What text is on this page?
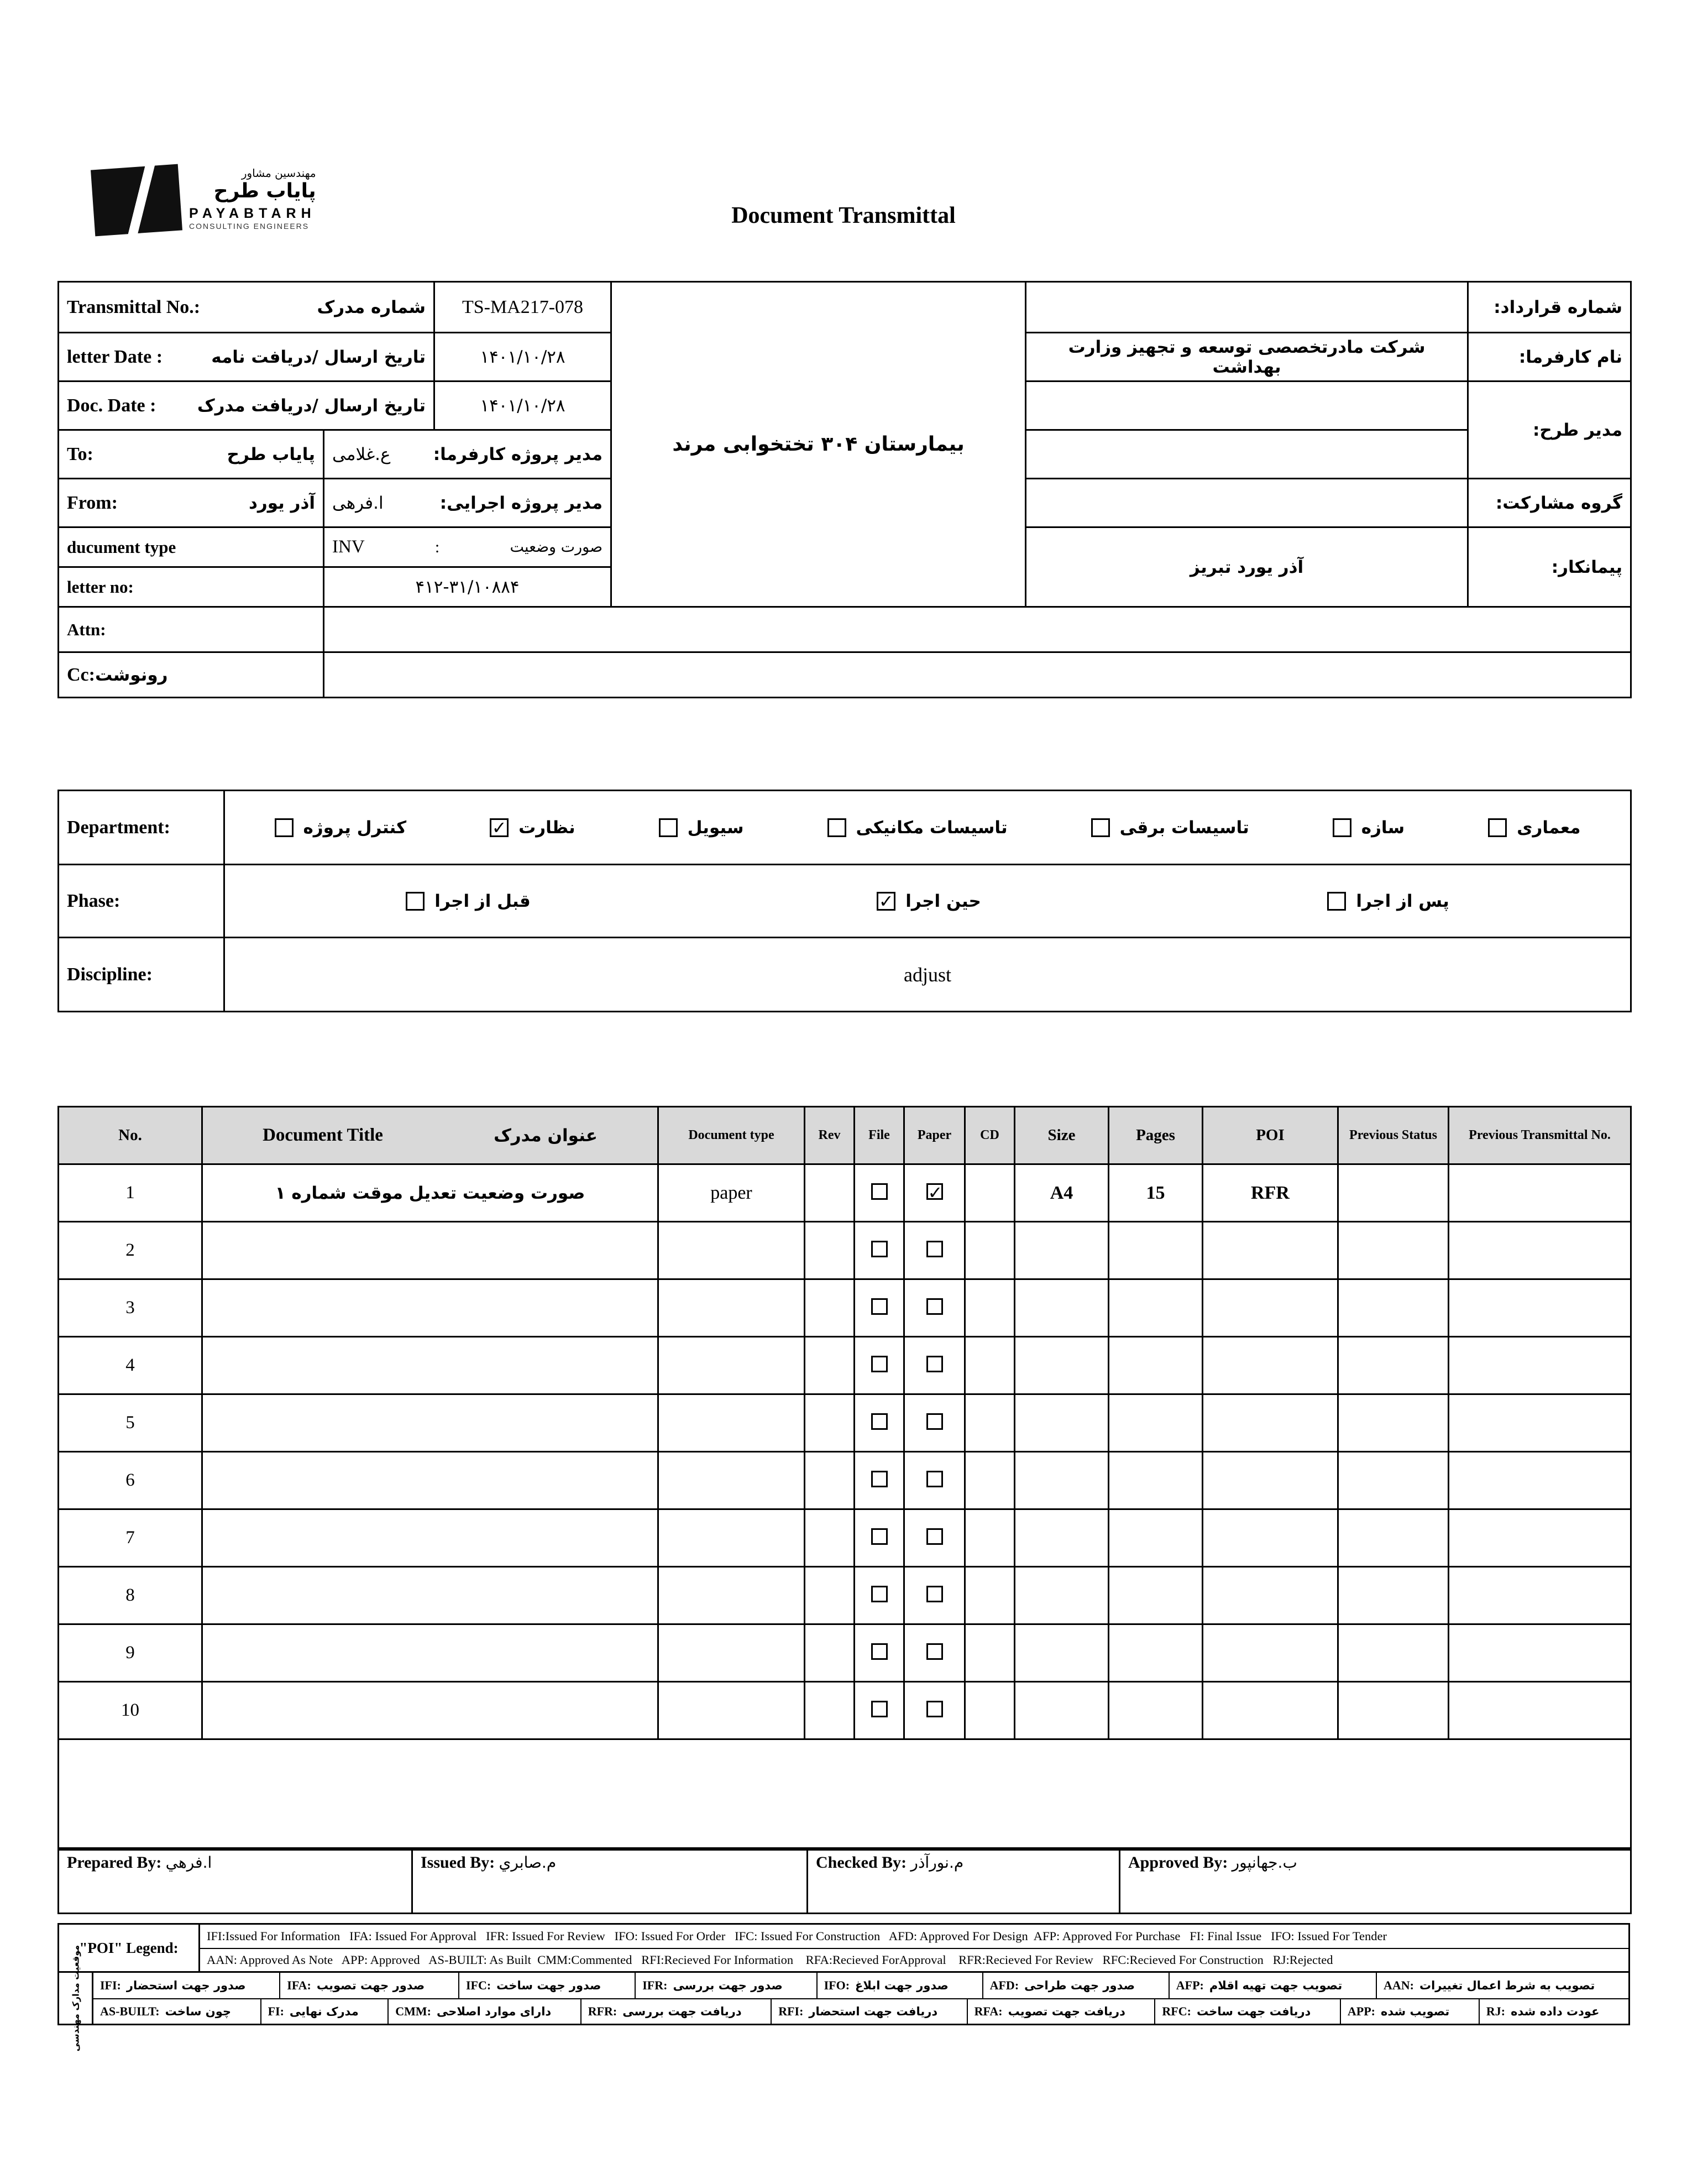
مهندسین مشاور
پایاب طرح
PAYABTARH
CONSULTING ENGINEERS	Document Transmittal
Transmittal No.: شماره مدرک		TS-MA217-078	بیمارستان ۳۰۴ تختخوابی مرند		شماره قرارداد:

letter Date : تاریخ ارسال /دریافت نامه		۱۴۰۱/۱۰/۲۸		شرکت مادرتخصصی توسعه و تجهیز وزارت بهداشت	نام کارفرما:

Doc. Date : تاریخ ارسال /دریافت مدرک		۱۴۰۱/۱۰/۲۸			مدیر طرح:

To: پایاب طرح	ع.غلامی مدیر پروژه کارفرما:				

From: آذر یورد	ا.فرهی مدیر پروژه اجرایی:				گروه مشارکت:
ducument type	INV : صورت وضعیت			آذر یورد تبریز	پیمانکار:
letter no:	۴۱۲-۳۱/۱۰۸۸۴				
Attn:					
Cc:رونوشت					
Department:	کنترل پروژه ✓	نظارت	سیویل	تاسیسات مکانیکی	تاسیسات برقی	سازه	معماری

Phase:	قبل از اجرا ✓ حین اجرا پس از اجرا

Discipline:	adjust
No.	Document Title عنوان مدرک	Document type	Rev	File	Paper	CD	Size	Pages	POI	Previous Status	Previous Transmittal No.
1	صورت وضعیت تعدیل موقت شماره ۱	paper			✓		A4	15	RFR		
2											
3											
4											
5											
6											
7											
8											
9											
10											

Prepared By: ا.فرهي	Issued By: م.صابري	Checked By: م.نورآذر	Approved By: ب.جهانپور
"POI" Legend:
IFI:Issued For Information   IFA: Issued For Approval   IFR: Issued For Review   IFO: Issued For Order   IFC: Issued For Construction   AFD: Approved For Design  AFP: Approved For Purchase   FI: Final Issue   IFO: Issued For Tender
AAN: Approved As Note   APP: Approved   AS-BUILT: As Built  CMM:Commented   RFI:Recieved For Information    RFA:Recieved ForApproval    RFR:Recieved For Review   RFC:Recieved For Construction   RJ:Rejected
موقعیت مدارک مهندسی IFI: صدور جهت استحضار	IFA: صدور جهت تصویب	IFC: صدور جهت ساخت	IFR: صدور جهت بررسی	IFO: صدور جهت ابلاغ	AFD: صدور جهت طراحی	AFP: تصویب جهت تهیه اقلام	AAN: تصویب به شرط اعمال تغییرات
AS-BUILT: چون ساخت	FI: مدرک نهایی	CMM: دارای موارد اصلاحی	RFR: دریافت جهت بررسی	RFI: دریافت جهت استحضار	RFA: دریافت جهت تصویب	RFC: دریافت جهت ساخت	APP: تصویب شده	RJ: عودت داده شده
